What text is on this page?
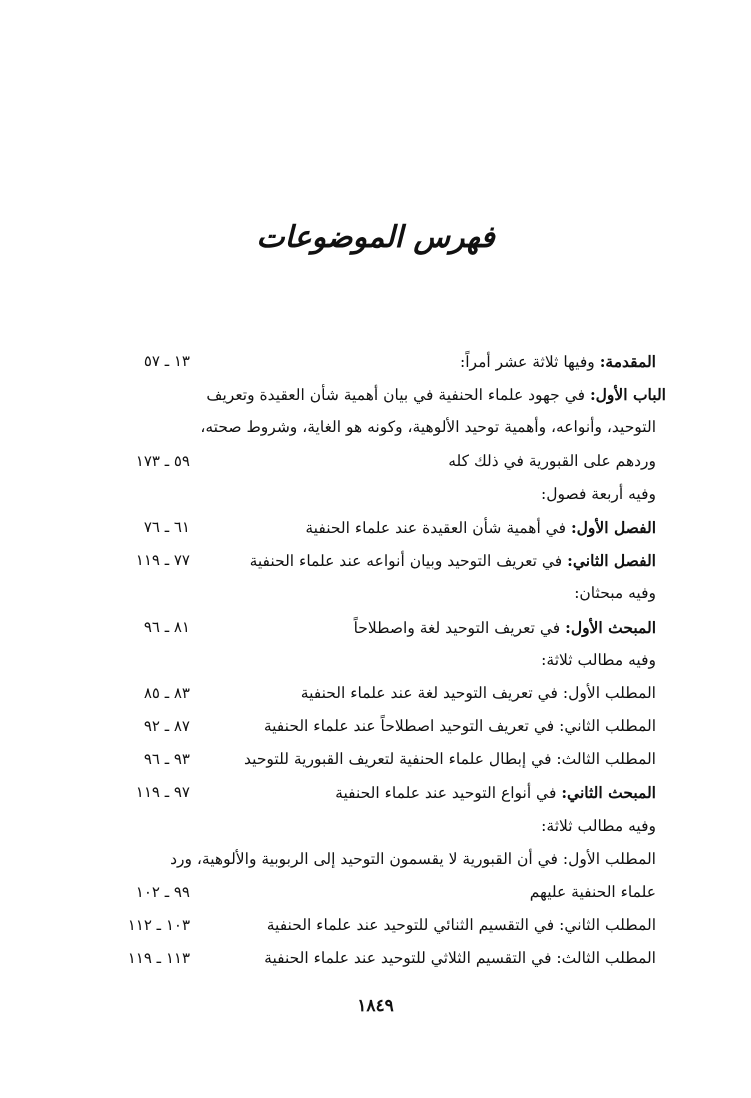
فهرس الموضوعات
المقدمة: وفيها ثلاثة عشر أمراً:
١٣ ـ ٥٧
الباب الأول: في جهود علماء الحنفية في بيان أهمية شأن العقيدة وتعريف
التوحيد، وأنواعه، وأهمية توحيد الألوهية، وكونه هو الغاية، وشروط صحته،
وردهم على القبورية في ذلك كله
٥٩ ـ ١٧٣
وفيه أربعة فصول:
الفصل الأول: في أهمية شأن العقيدة عند علماء الحنفية
٦١ ـ ٧٦
الفصل الثاني: في تعريف التوحيد وبيان أنواعه عند علماء الحنفية
٧٧ ـ ١١٩
وفيه مبحثان:
المبحث الأول: في تعريف التوحيد لغة واصطلاحاً
٨١ ـ ٩٦
وفيه مطالب ثلاثة:
المطلب الأول: في تعريف التوحيد لغة عند علماء الحنفية
٨٣ ـ ٨٥
المطلب الثاني: في تعريف التوحيد اصطلاحاً عند علماء الحنفية
٨٧ ـ ٩٢
المطلب الثالث: في إبطال علماء الحنفية لتعريف القبورية للتوحيد
٩٣ ـ ٩٦
المبحث الثاني: في أنواع التوحيد عند علماء الحنفية
٩٧ ـ ١١٩
وفيه مطالب ثلاثة:
المطلب الأول: في أن القبورية لا يقسمون التوحيد إلى الربوبية والألوهية، ورد
علماء الحنفية عليهم
٩٩ ـ ١٠٢
المطلب الثاني: في التقسيم الثنائي للتوحيد عند علماء الحنفية
١٠٣ ـ ١١٢
المطلب الثالث: في التقسيم الثلاثي للتوحيد عند علماء الحنفية
١١٣ ـ ١١٩
١٨٤٩
